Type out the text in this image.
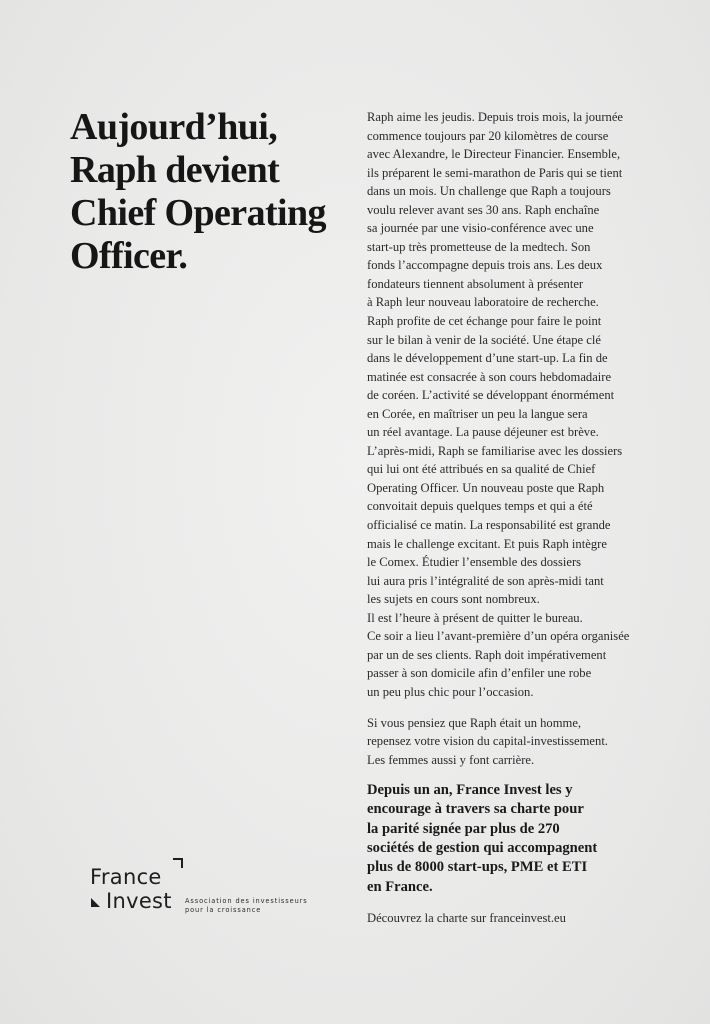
Aujourd’hui,
Raph devient
Chief Operating
Officer.
Raph aime les jeudis. Depuis trois mois, la journée
commence toujours par 20 kilomètres de course
avec Alexandre, le Directeur Financier. Ensemble,
ils préparent le semi-marathon de Paris qui se tient
dans un mois. Un challenge que Raph a toujours
voulu relever avant ses 30 ans. Raph enchaîne
sa journée par une visio-conférence avec une
start-up très prometteuse de la medtech. Son
fonds l’accompagne depuis trois ans. Les deux
fondateurs tiennent absolument à présenter
à Raph leur nouveau laboratoire de recherche.
Raph profite de cet échange pour faire le point
sur le bilan à venir de la société. Une étape clé
dans le développement d’une start-up. La fin de
matinée est consacrée à son cours hebdomadaire
de coréen. L’activité se développant énormément
en Corée, en maîtriser un peu la langue sera
un réel avantage. La pause déjeuner est brève.
L’après-midi, Raph se familiarise avec les dossiers
qui lui ont été attribués en sa qualité de Chief
Operating Officer. Un nouveau poste que Raph
convoitait depuis quelques temps et qui a été
officialisé ce matin. La responsabilité est grande
mais le challenge excitant. Et puis Raph intègre
le Comex. Étudier l’ensemble des dossiers
lui aura pris l’intégralité de son après-midi tant
les sujets en cours sont nombreux.
Il est l’heure à présent de quitter le bureau.
Ce soir a lieu l’avant-première d’un opéra organisée
par un de ses clients. Raph doit impérativement
passer à son domicile afin d’enfiler une robe
un peu plus chic pour l’occasion.
Si vous pensiez que Raph était un homme,
repensez votre vision du capital-investissement.
Les femmes aussi y font carrière.
Depuis un an, France Invest les y
encourage à travers sa charte pour
la parité signée par plus de 270
sociétés de gestion qui accompagnent
plus de 8000 start-ups, PME et ETI
en France.
Découvrez la charte sur franceinvest.eu
France
Invest Association des investisseurs
pour la croissance
